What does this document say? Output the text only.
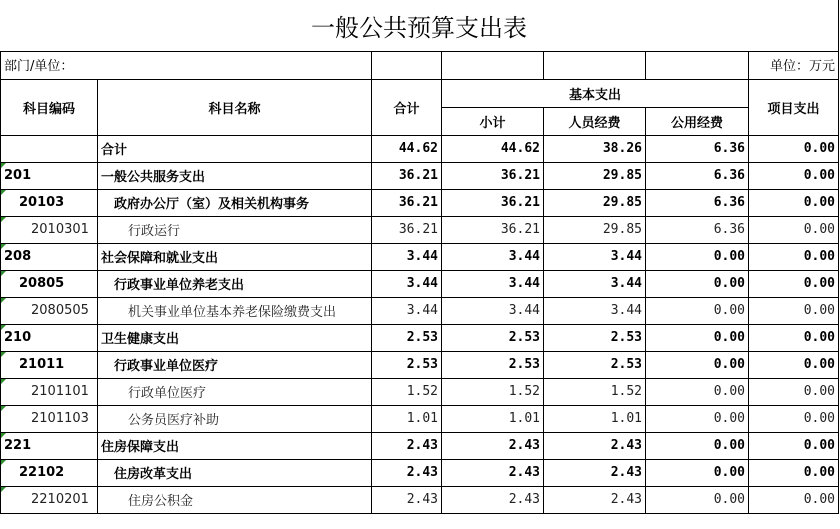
一般公共预算支出表
部门/单位：						单位：万元
科目编码	科目名称	合计	基本支出			项目支出
			小计	人员经费	公用经费	
	合计	44.62	44.62	38.26	6.36	0.00
201	一般公共服务支出	36.21	36.21	29.85	6.36	0.00
20103	政府办公厅（室）及相关机构事务	36.21	36.21	29.85	6.36	0.00
2010301	行政运行	36.21	36.21	29.85	6.36	0.00
208	社会保障和就业支出	3.44	3.44	3.44	0.00	0.00
20805	行政事业单位养老支出	3.44	3.44	3.44	0.00	0.00
2080505	机关事业单位基本养老保险缴费支出	3.44	3.44	3.44	0.00	0.00
210	卫生健康支出	2.53	2.53	2.53	0.00	0.00
21011	行政事业单位医疗	2.53	2.53	2.53	0.00	0.00
2101101	行政单位医疗	1.52	1.52	1.52	0.00	0.00
2101103	公务员医疗补助	1.01	1.01	1.01	0.00	0.00
221	住房保障支出	2.43	2.43	2.43	0.00	0.00
22102	住房改革支出	2.43	2.43	2.43	0.00	0.00
2210201	住房公积金	2.43	2.43	2.43	0.00	0.00
